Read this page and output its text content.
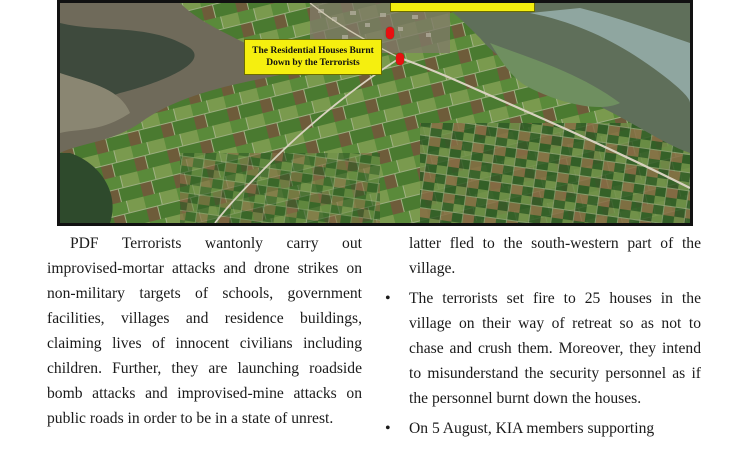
The Residential Houses Burnt Down by the Terrorists

PDF Terrorists wantonly carry out improvised-mortar attacks and drone strikes on non-military targets of schools, government facilities, villages and residence buildings, claiming lives of innocent civilians including children. Further, they are launching roadside bomb attacks and improvised-mine attacks on public roads in order to be in a state of unrest.

latter fled to the south-western part of the village.

• The terrorists set fire to 25 houses in the village on their way of retreat so as not to chase and crush them. Moreover, they intend to misunderstand the security personnel as if the personnel burnt down the houses.
• On 5 August, KIA members supporting
